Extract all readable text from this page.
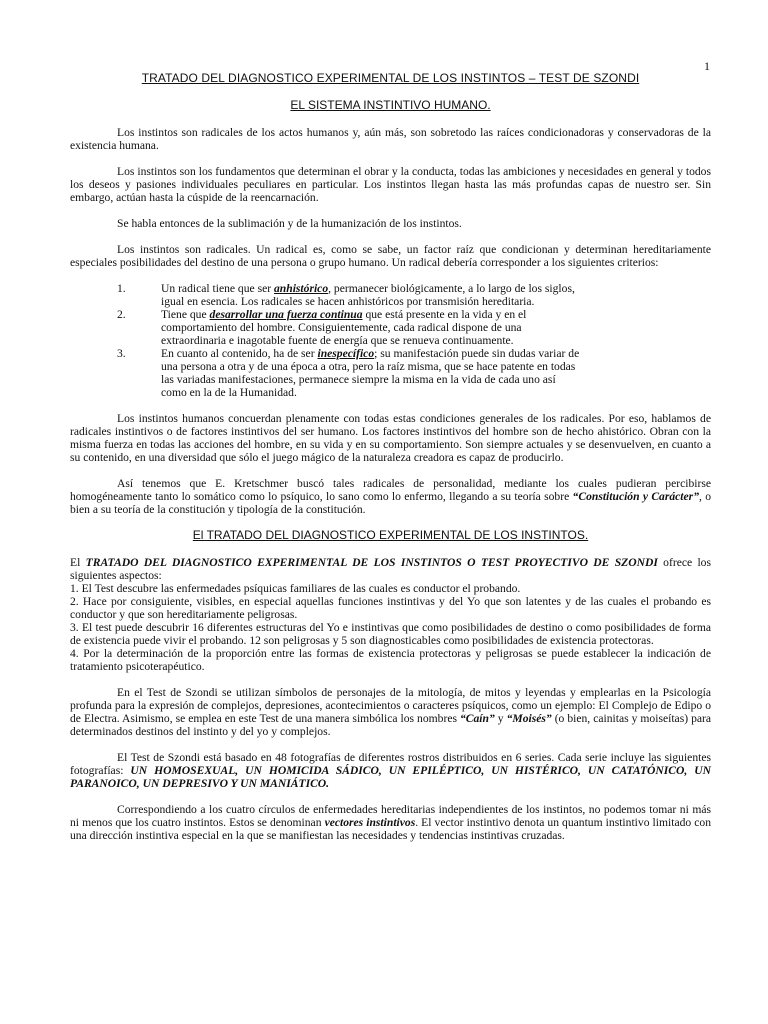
1
TRATADO DEL DIAGNOSTICO EXPERIMENTAL DE LOS INSTINTOS – TEST DE SZONDI
EL SISTEMA INSTINTIVO HUMANO.

Los instintos son radicales de los actos humanos y, aún más, son sobretodo las raíces condicionadoras y conservadoras de la existencia humana.

Los instintos son los fundamentos que determinan el obrar y la conducta, todas las ambiciones y necesidades en general y todos los deseos y pasiones individuales peculiares en particular. Los instintos llegan hasta las más profundas capas de nuestro ser. Sin embargo, actúan hasta la cúspide de la reencarnación.

Se habla entonces de la sublimación y de la humanización de los instintos.

Los instintos son radicales. Un radical es, como se sabe, un factor raíz que condicionan y determinan hereditariamente especiales posibilidades del destino de una persona o grupo humano. Un radical debería corresponder a los siguientes criterios:

1.	Un radical tiene que ser anhistórico, permanecer biológicamente, a lo largo de los siglos, igual en esencia. Los radicales se hacen anhistóricos por transmisión hereditaria.
2.	Tiene que desarrollar una fuerza continua que está presente en la vida y en el comportamiento del hombre. Consiguientemente, cada radical dispone de una extraordinaria e inagotable fuente de energía que se renueva continuamente.
3.	En cuanto al contenido, ha de ser inespecífico; su manifestación puede sin dudas variar de una persona a otra y de una época a otra, pero la raíz misma, que se hace patente en todas las variadas manifestaciones, permanece siempre la misma en la vida de cada uno así como en la de la Humanidad.

Los instintos humanos concuerdan plenamente con todas estas condiciones generales de los radicales. Por eso, hablamos de radicales instintivos o de factores instintivos del ser humano. Los factores instintivos del hombre son de hecho ahistórico. Obran con la misma fuerza en todas las acciones del hombre, en su vida y en su comportamiento. Son siempre actuales y se desenvuelven, en cuanto a su contenido, en una diversidad que sólo el juego mágico de la naturaleza creadora es capaz de producirlo.

Así tenemos que E. Kretschmer buscó tales radicales de personalidad, mediante los cuales pudieran percibirse homogéneamente tanto lo somático como lo psíquico, lo sano como lo enfermo, llegando a su teoría sobre “Constitución y Carácter”, o bien a su teoría de la constitución y tipología de la constitución.

El TRATADO DEL DIAGNOSTICO EXPERIMENTAL DE LOS INSTINTOS.

El TRATADO DEL DIAGNOSTICO EXPERIMENTAL DE LOS INSTINTOS O TEST PROYECTIVO DE SZONDI ofrece los siguientes aspectos:

1. El Test descubre las enfermedades psíquicas familiares de las cuales es conductor el probando.

2. Hace por consiguiente, visibles, en especial aquellas funciones instintivas y del Yo que son latentes y de las cuales el probando es conductor y que son hereditariamente peligrosas.

3. El test puede descubrir 16 diferentes estructuras del Yo e instintivas que como posibilidades de destino o como posibilidades de forma de existencia puede vivir el probando. 12 son peligrosas y 5 son diagnosticables como posibilidades de existencia protectoras.

4. Por la determinación de la proporción entre las formas de existencia protectoras y peligrosas se puede establecer la indicación de tratamiento psicoterapéutico.

En el Test de Szondi se utilizan símbolos de personajes de la mitología, de mitos y leyendas y emplearlas en la Psicología profunda para la expresión de complejos, depresiones, acontecimientos o caracteres psíquicos, como un ejemplo: El Complejo de Edipo o de Electra. Asimismo, se emplea en este Test de una manera simbólica los nombres “Caín” y “Moisés” (o bien, cainitas y moiseítas) para determinados destinos del instinto y del yo y complejos.

El Test de Szondi está basado en 48 fotografías de diferentes rostros distribuidos en 6 series. Cada serie incluye las siguientes fotografías: UN HOMOSEXUAL, UN HOMICIDA SÁDICO, UN EPILÉPTICO, UN HISTÉRICO, UN CATATÓNICO, UN PARANOICO, UN DEPRESIVO Y UN MANIÁTICO.

Correspondiendo a los cuatro círculos de enfermedades hereditarias independientes de los instintos, no podemos tomar ni más ni menos que los cuatro instintos. Estos se denominan vectores instintivos. El vector instintivo denota un quantum instintivo limitado con una dirección instintiva especial en la que se manifiestan las necesidades y tendencias instintivas cruzadas.
